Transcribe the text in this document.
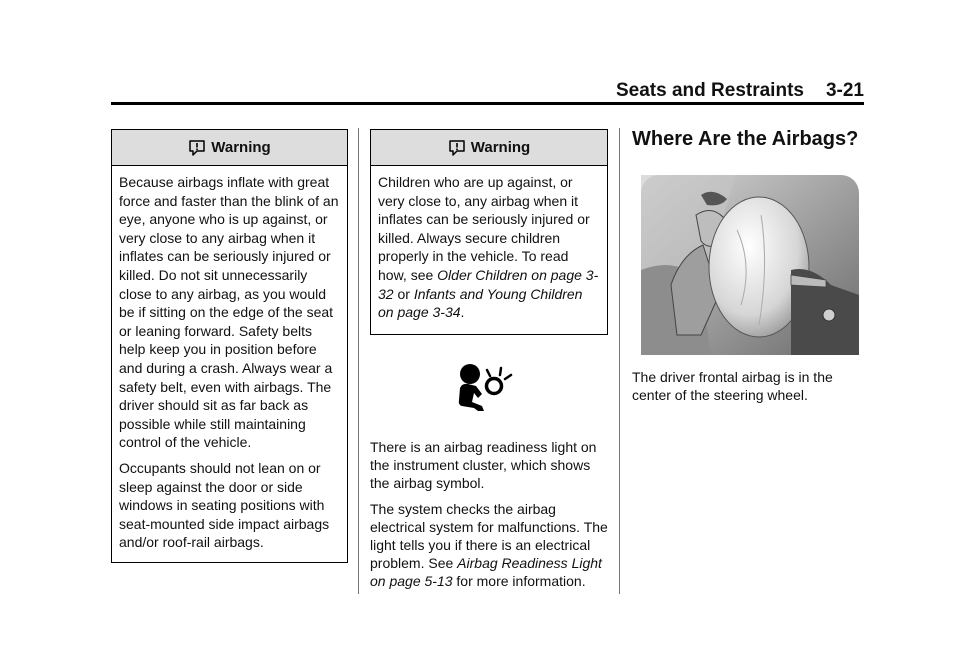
Seats and Restraints 3-21
Warning

Because airbags inflate with great force and faster than the blink of an eye, anyone who is up against, or very close to any airbag when it inflates can be seriously injured or killed. Do not sit unnecessarily close to any airbag, as you would be if sitting on the edge of the seat or leaning forward. Safety belts help keep you in position before and during a crash. Always wear a safety belt, even with airbags. The driver should sit as far back as possible while still maintaining control of the vehicle.

Occupants should not lean on or sleep against the door or side windows in seating positions with seat-mounted side impact airbags and/or roof-rail airbags.

Warning

Children who are up against, or very close to, any airbag when it inflates can be seriously injured or killed. Always secure children properly in the vehicle. To read how, see Older Children on page 3-32 or Infants and Young Children on page 3-34.

There is an airbag readiness light on the instrument cluster, which shows the airbag symbol.

The system checks the airbag electrical system for malfunctions. The light tells you if there is an electrical problem. See Airbag Readiness Light on page 5-13 for more information.

Where Are the Airbags?

The driver frontal airbag is in the center of the steering wheel.
